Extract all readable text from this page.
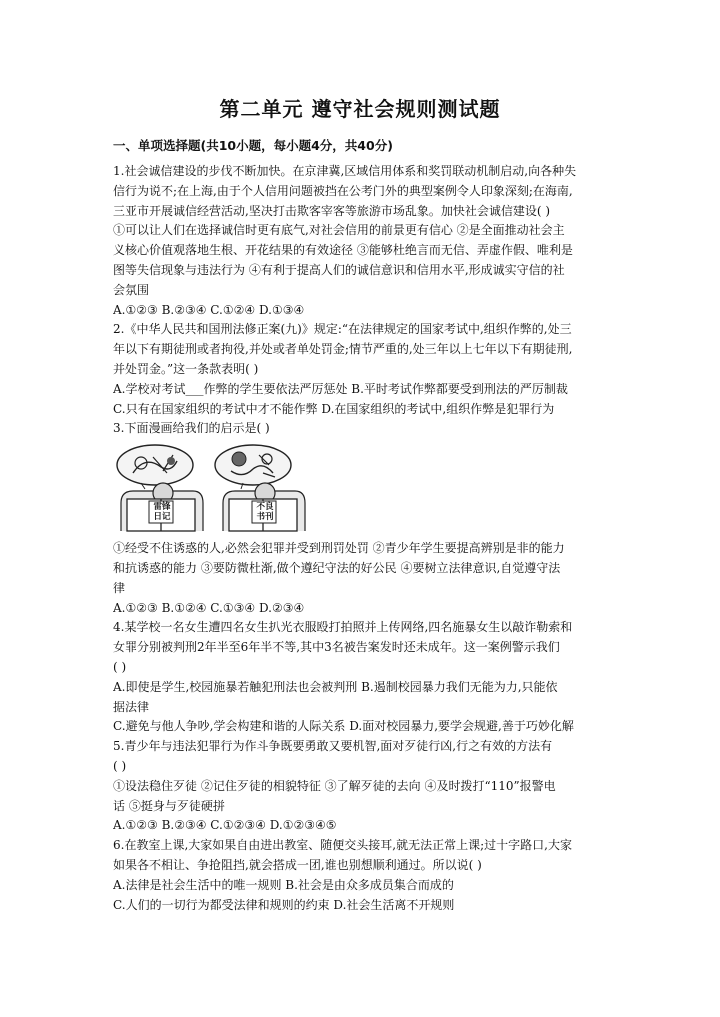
第二单元 遵守社会规则测试题
一、单项选择题(共10小题，每小题4分，共40分)
1.社会诚信建设的步伐不断加快。在京津冀,区域信用体系和奖罚联动机制启动,向各种失
信行为说不;在上海,由于个人信用问题被挡在公考门外的典型案例令人印象深刻;在海南,
三亚市开展诚信经营活动,坚决打击欺客宰客等旅游市场乱象。加快社会诚信建设( )
①可以让人们在选择诚信时更有底气,对社会信用的前景更有信心 ②是全面推动社会主
义核心价值观落地生根、开花结果的有效途径 ③能够杜绝言而无信、弄虚作假、唯利是
图等失信现象与违法行为 ④有利于提高人们的诚信意识和信用水平,形成诚实守信的社
会氛围
A.①②③ B.②③④ C.①②④ D.①③④
2.《中华人民共和国刑法修正案(九)》规定:“在法律规定的国家考试中,组织作弊的,处三
年以下有期徒刑或者拘役,并处或者单处罚金;情节严重的,处三年以上七年以下有期徒刑,
并处罚金。”这一条款表明( )
A.学校对考试___作弊的学生要依法严厉惩处 B.平时考试作弊都要受到刑法的严厉制裁
C.只有在国家组织的考试中才不能作弊 D.在国家组织的考试中,组织作弊是犯罪行为
3.下面漫画给我们的启示是( )
雷锋日记
不良书刊
①经受不住诱惑的人,必然会犯罪并受到刑罚处罚 ②青少年学生要提高辨别是非的能力
和抗诱惑的能力 ③要防微杜渐,做个遵纪守法的好公民 ④要树立法律意识,自觉遵守法
律
A.①②③ B.①②④ C.①③④ D.②③④
4.某学校一名女生遭四名女生扒光衣服殴打拍照并上传网络,四名施暴女生以敲诈勒索和
女罪分别被判刑2年半至6年半不等,其中3名被告案发时还未成年。这一案例警示我们
( )
A.即使是学生,校园施暴若触犯刑法也会被判刑 B.遏制校园暴力我们无能为力,只能依
据法律
C.避免与他人争吵,学会构建和谐的人际关系 D.面对校园暴力,要学会规避,善于巧妙化解
5.青少年与违法犯罪行为作斗争既要勇敢又要机智,面对歹徒行凶,行之有效的方法有
( )
①设法稳住歹徒 ②记住歹徒的相貌特征 ③了解歹徒的去向 ④及时拨打“110”报警电
话 ⑤挺身与歹徒硬拼
A.①②③ B.②③④ C.①②③④ D.①②③④⑤
6.在教室上课,大家如果自由进出教室、随便交头接耳,就无法正常上课;过十字路口,大家
如果各不相让、争抢阻挡,就会搭成一团,谁也别想顺利通过。所以说( )
A.法律是社会生活中的唯一规则 B.社会是由众多成员集合而成的
C.人们的一切行为都受法律和规则的约束 D.社会生活离不开规则
